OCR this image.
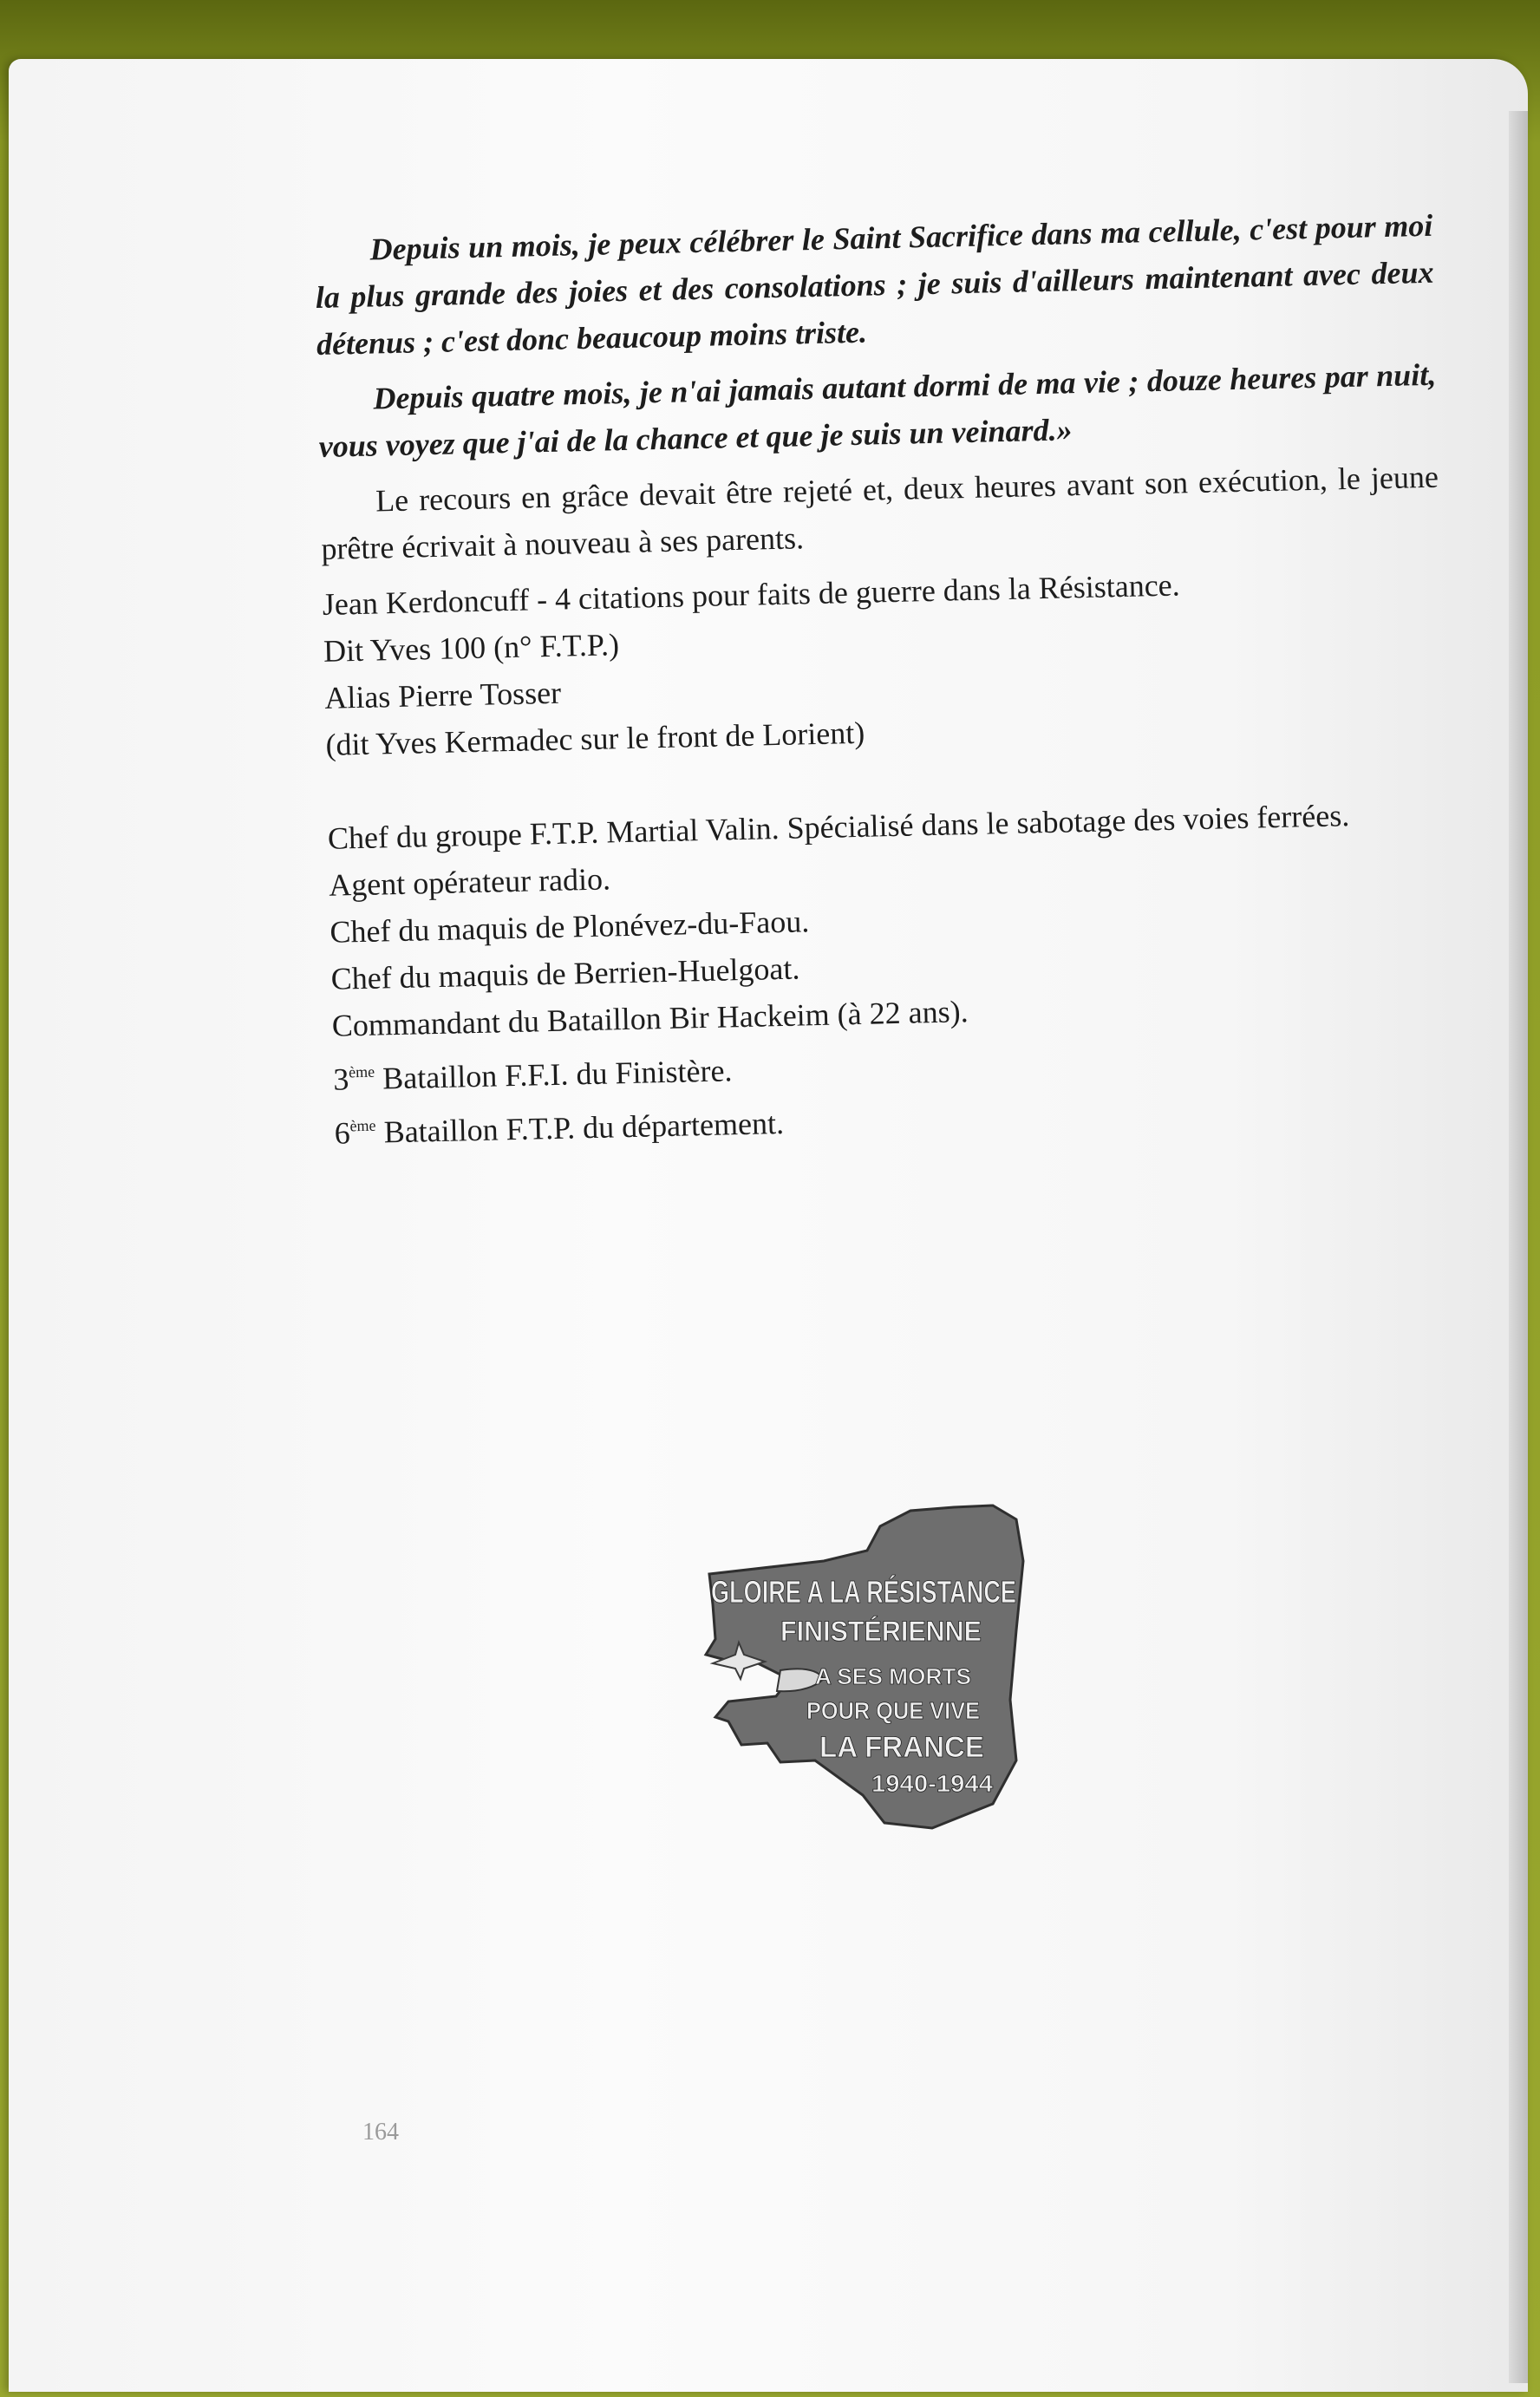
Depuis un mois, je peux célébrer le Saint Sacrifice dans ma cellule, c'est pour moi la plus grande des joies et des consolations ; je suis d'ailleurs maintenant avec deux détenus ; c'est donc beaucoup moins triste.

Depuis quatre mois, je n'ai jamais autant dormi de ma vie ; douze heures par nuit, vous voyez que j'ai de la chance et que je suis un veinard.»

Le recours en grâce devait être rejeté et, deux heures avant son exécution, le jeune prêtre écrivait à nouveau à ses parents.

Jean Kerdoncuff - 4 citations pour faits de guerre dans la Résistance.

Dit Yves 100 (n° F.T.P.)

Alias Pierre Tosser

(dit Yves Kermadec sur le front de Lorient)

Chef du groupe F.T.P. Martial Valin. Spécialisé dans le sabotage des voies ferrées.

Agent opérateur radio.

Chef du maquis de Plonévez-du-Faou.

Chef du maquis de Berrien-Huelgoat.

Commandant du Bataillon Bir Hackeim (à 22 ans).

3ème Bataillon F.F.I. du Finistère.

6ème Bataillon F.T.P. du département.

GLOIRE A LA RÉSISTANCE
FINISTÉRIENNE
A SES MORTS
POUR QUE VIVE
LA FRANCE
1940-1944
164
